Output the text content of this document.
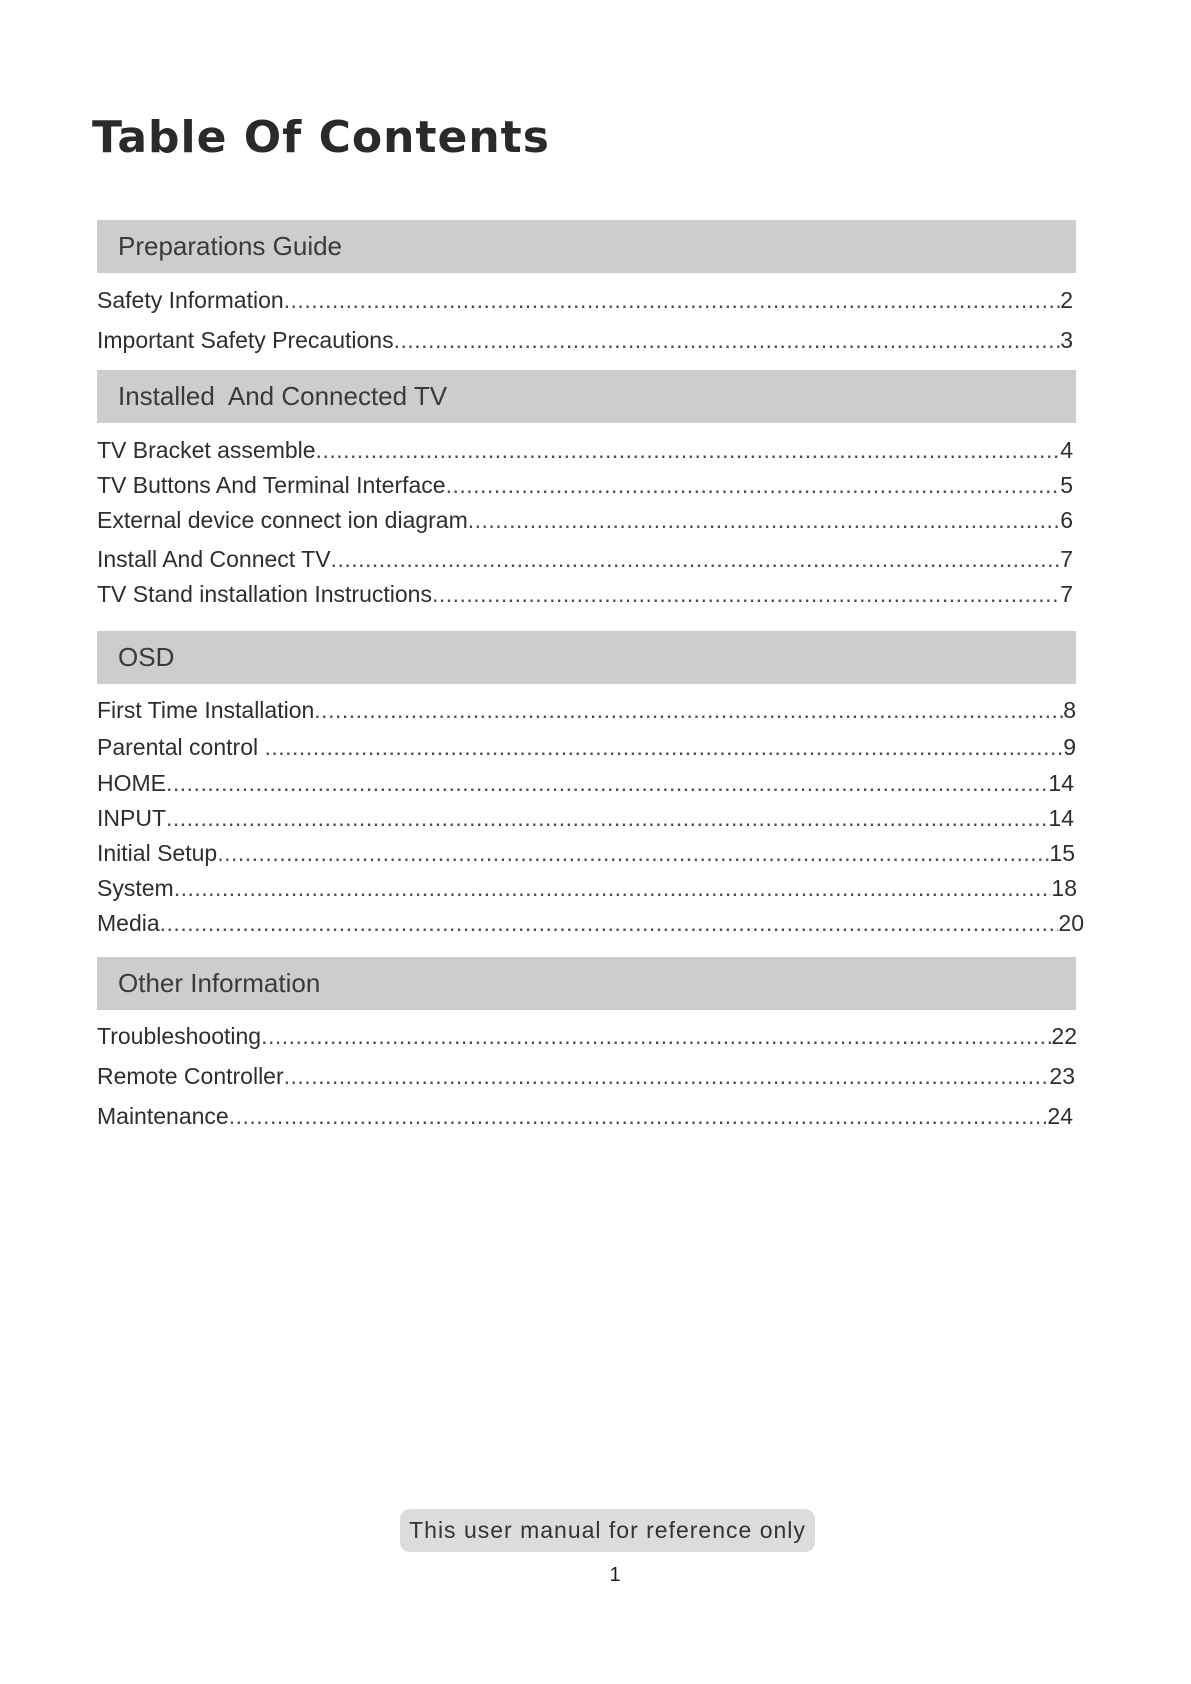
Table Of Contents
Preparations Guide
Safety Information .....	2
Important Safety Precautions .....	3
Installed  And Connected TV
TV Bracket assemble .....	4
TV Buttons And Terminal Interface .....	5
External device connect ion diagram .....	6
Install And Connect TV .....	7
TV Stand installation Instructions .....	7
OSD
First Time Installation .....	8
Parental control .....	9
HOME .....	14
INPUT .....	14
Initial Setup .....	15
System .....	18
Media .....	20
Other Information
Troubleshooting .....	22
Remote Controller .....	23
Maintenance .....	24
This user manual for reference only
1
